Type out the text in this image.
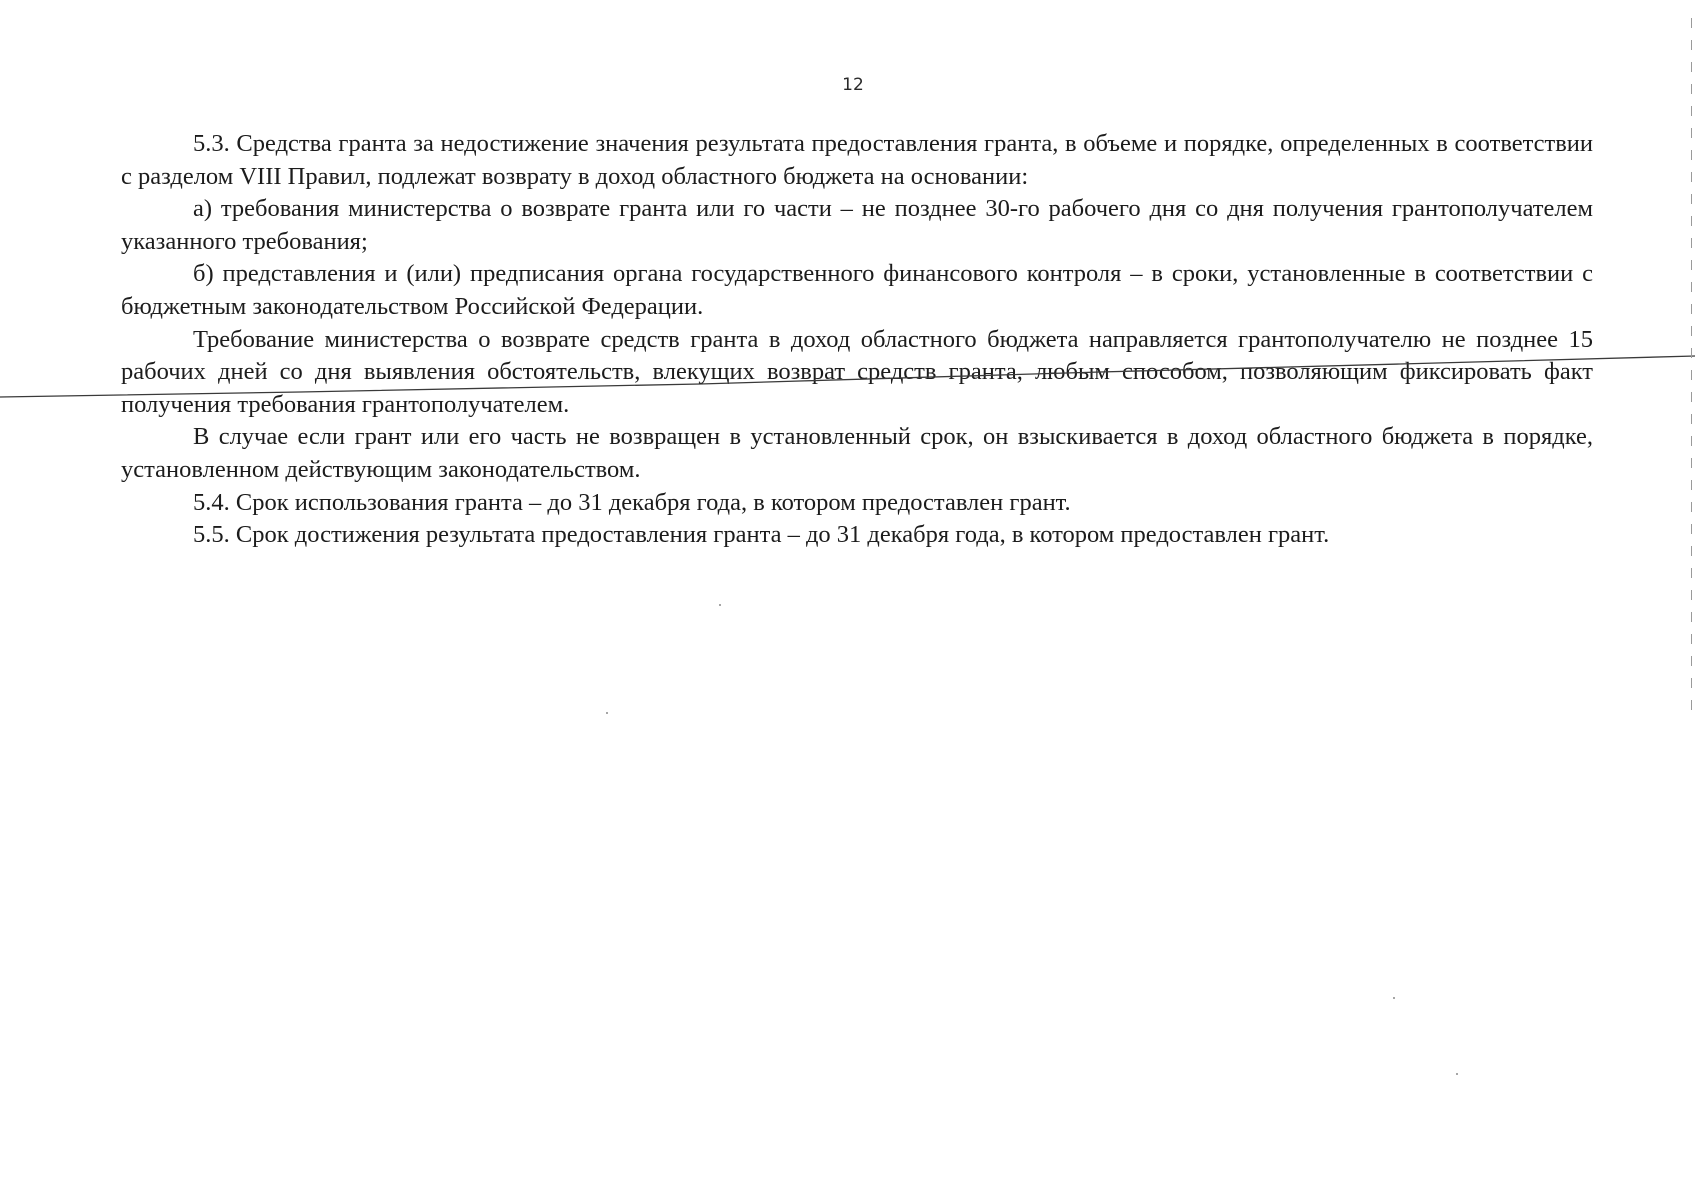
12

5.3. Средства гранта за недостижение значения результата предоставления гранта, в объеме и порядке, определенных в соответствии с разделом VIII Правил, подлежат возврату в доход областного бюджета на основании:

а) требования министерства о возврате гранта или го части – не позднее 30-го рабочего дня со дня получения грантополучателем указанного требования;

б) представления и (или) предписания органа государственного финансового контроля – в сроки, установленные в соответствии с бюджетным законодательством Российской Федерации.

Требование министерства о возврате средств гранта в доход областного бюджета направляется грантополучателю не позднее 15 рабочих дней со дня выявления обстоятельств, влекущих возврат средств гранта, любым способом, позволяющим фиксировать факт получения требования грантополучателем.

В случае если грант или его часть не возвращен в установленный срок, он взыскивается в доход областного бюджета в порядке, установленном действующим законодательством.

5.4. Срок использования гранта – до 31 декабря года, в котором предоставлен грант.

5.5. Срок достижения результата предоставления гранта – до 31 декабря года, в котором предоставлен грант.
